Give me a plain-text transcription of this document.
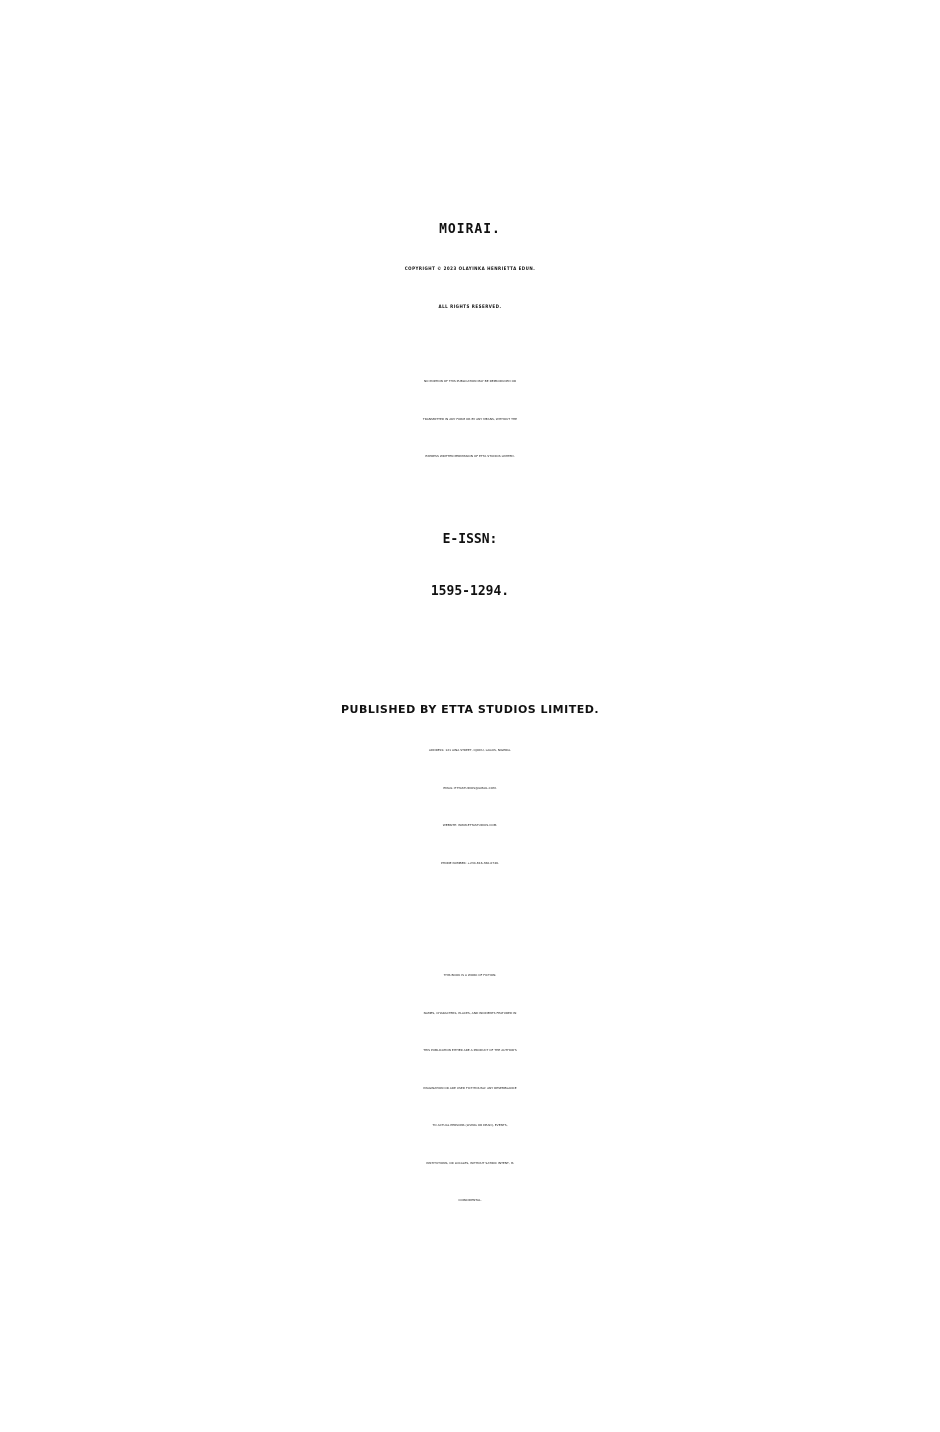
MOIRAI.
COPYRIGHT © 2023 OLAYINKA HENRIETTA EDUN.
ALL RIGHTS RESERVED.
NO PORTION OF THIS PUBLICATION MAY BE REPRODUCED OR
TRANSMITTED IN ANY FORM OR BY ANY MEANS, WITHOUT THE
EXPRESS WRITTEN PERMISSION OF ETTA STUDIOS LIMITED.
E-ISSN:
1595-1294.
PUBLISHED BY ETTA STUDIOS LIMITED.
ADDRESS: 121 AINA STREET, OJODU, LAGOS, NIGERIA.
EMAIL: ETTASTUDIOS@GMAIL.COM.
WEBSITE: WWW.ETTASTUDIOS.COM.
PHONE NUMBER: +234-816-360-0746.
THIS BOOK IS A WORK OF FICTION.
NAMES, CHARACTERS, PLACES, AND INCIDENTS FEATURED IN
THIS PUBLICATION EITHER ARE A PRODUCT OF THE AUTHOR'S
IMAGINATION OR ARE USED FICTITIOUSLY. ANY RESEMBLANCE
TO ACTUAL PERSONS (LIVING OR DEAD), EVENTS,
INSTITUTIONS, OR LOCALES, WITHOUT SATIRIC INTENT, IS
COINCIDENTAL.
